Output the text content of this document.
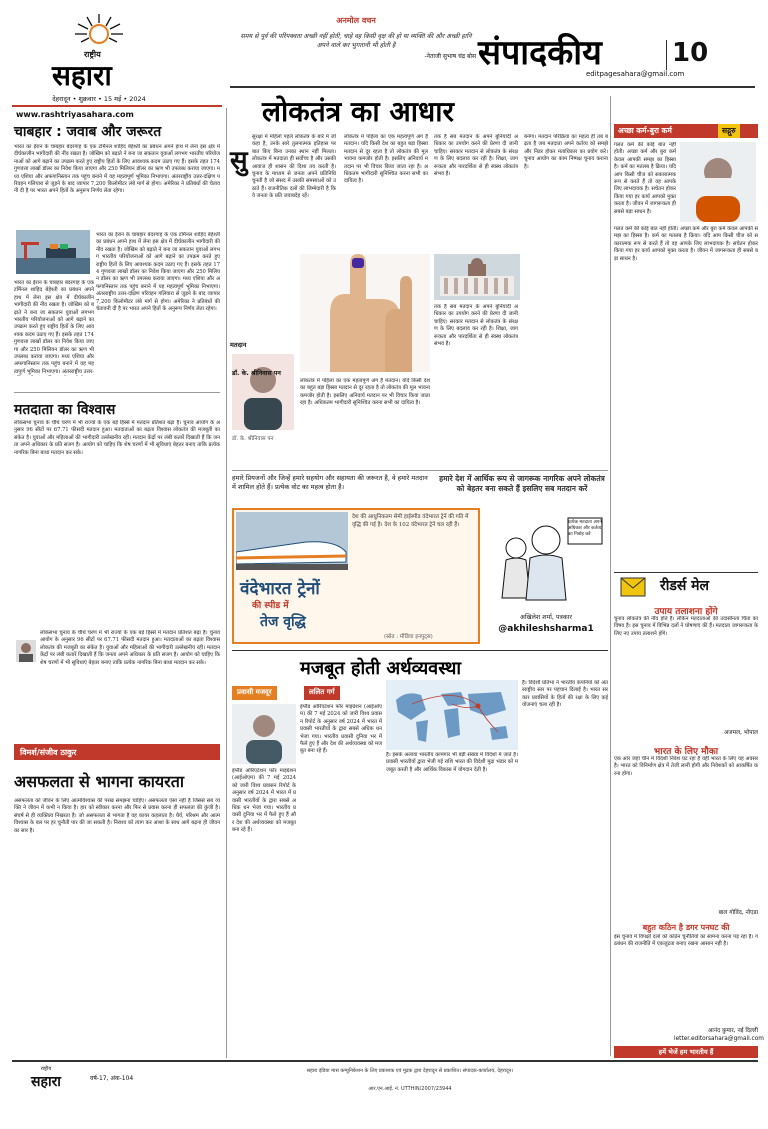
राष्ट्रीय
सहारा
देहरादून • शुक्रवार • 15 मई • 2024
www.rashtriyasahara.com
अनमोल वचन
समय से पूर्व की परिपक्वता अच्छी नहीं होती, चाहे वह किसी वृक्ष की हो या व्यक्ति की और अच्छी हानि अपने वाले कर भुगतानी भी होती है
-नेताजी सुभाष चंद्र बोस संपादकीय	10
editpagesahara@gmail.com
चाबहार : जवाब और जरूरत
भारत का ईरान के चाबहार बंदरगाह के एक टर्मिनल शाहिद बेहेश्ती का प्रबंधन अपने हाथ में लेना इस क्षेत्र में दीर्घकालीन भागीदारी की नींव रखता है। जोखिम को बढ़ाते ने बना जा सकतान युवाओं लगभग भारतीय परियोजनाओं को आगे बढ़ाने का उपक्रम करते हुए राष्ट्रीय हितों के लिए आवश्यक कदम उठाए गए हैं। इसके तहत 174 गुणवत्ता लाखों डॉलर का निवेश किया जाएगा और 250 मिलियन डॉलर का ऋण भी उपलब्ध कराया जाएगा। मध्य एशिया और अफगानिस्तान तक पहुंच बनाने में यह महत्वपूर्ण भूमिका निभाएगा। अंतरराष्ट्रीय उत्तर-दक्षिण परिवहन गलियारा से जुड़ने के बाद व्यापार 7,200 किलोमीटर लंबे मार्ग से होगा। अमेरिका ने प्रतिबंधों की चेतावनी दी है पर भारत अपने हितों के अनुरूप निर्णय लेता रहेगा।
भारत का ईरान के चाबहार बंदरगाह के एक टर्मिनल शाहिद बेहेश्ती का प्रबंधन अपने हाथ में लेना इस क्षेत्र में दीर्घकालीन भागीदारी की नींव रखता है। जोखिम को बढ़ाते ने बना जा सकतान युवाओं लगभग भारतीय परियोजनाओं को आगे बढ़ाने का उपक्रम करते हुए राष्ट्रीय हितों के लिए आवश्यक कदम उठाए गए हैं। इसके तहत 174 गुणवत्ता लाखों डॉलर का निवेश किया जाएगा और 250 मिलियन डॉलर का ऋण भी उपलब्ध कराया जाएगा। मध्य एशिया और अफगानिस्तान तक पहुंच बनाने में यह महत्वपूर्ण भूमिका निभाएगा। अंतरराष्ट्रीय उत्तर-दक्षिण परिवहन गलियारा से जुड़ने के बाद व्यापार 7,200 किलोमीटर लंबे मार्ग से होगा। अमेरिका ने प्रतिबंधों की चेतावनी दी है पर भारत अपने हितों के अनुरूप निर्णय लेता रहेगा।
भारत का ईरान के चाबहार बंदरगाह के एक टर्मिनल शाहिद बेहेश्ती का प्रबंधन अपने हाथ में लेना इस क्षेत्र में दीर्घकालीन भागीदारी की नींव रखता है। जोखिम को बढ़ाते ने बना जा सकतान युवाओं लगभग भारतीय परियोजनाओं को आगे बढ़ाने का उपक्रम करते हुए राष्ट्रीय हितों के लिए आवश्यक कदम उठाए गए हैं। इसके तहत 174 गुणवत्ता लाखों डॉलर का निवेश किया जाएगा और 250 मिलियन डॉलर का ऋण भी उपलब्ध कराया जाएगा। मध्य एशिया और अफगानिस्तान तक पहुंच बनाने में यह महत्वपूर्ण भूमिका निभाएगा। अंतरराष्ट्रीय उत्तर-
मतदाता का विश्वास
लोकसभा चुनाव के चौथे चरण में भी राज्यों के एक बड़े हिस्से में मतदान प्रतिशत बढ़ा है। चुनाव आयोग के अनुसार 96 सीटों पर 67.71 फीसदी मतदान हुआ। मतदाताओं का बढ़ता विश्वास लोकतंत्र की मजबूती का संकेत है। युवाओं और महिलाओं की भागीदारी उल्लेखनीय रही। मतदान केंद्रों पर लंबी कतारें दिखाती हैं कि जनता अपने अधिकार के प्रति सजग है। आयोग को चाहिए कि शेष चरणों में भी सुविधाएं बेहतर बनाए ताकि प्रत्येक नागरिक बिना बाधा मतदान कर सके।
लोकसभा चुनाव के चौथे चरण में भी राज्यों के एक बड़े हिस्से में मतदान प्रतिशत बढ़ा है। चुनाव आयोग के अनुसार 96 सीटों पर 67.71 फीसदी मतदान हुआ। मतदाताओं का बढ़ता विश्वास लोकतंत्र की मजबूती का संकेत है। युवाओं और महिलाओं की भागीदारी उल्लेखनीय रही। मतदान केंद्रों पर लंबी कतारें दिखाती हैं कि जनता अपने अधिकार के प्रति सजग है। आयोग को चाहिए कि शेष चरणों में भी सुविधाएं बेहतर बनाए ताकि प्रत्येक नागरिक बिना बाधा मतदान कर सके।
विमर्श/संजीव ठाकुर
असफलता से भागना कायरता
असफलता को जीवन के लिए आत्मविश्वास की परख समझना चाहिए। असफलता ऐसा नहीं है जिससे सब व्यक्ति ने जीवन में कभी न किया है। हार को स्वीकार करना और फिर से प्रयास करना ही सफलता की कुंजी है। संघर्ष से ही व्यक्तित्व निखरता है। जो असफलता से भागता है वह कायर कहलाता है। धैर्य, परिश्रम और आत्मविश्वास के बल पर हर चुनौती पार की जा सकती है। निराशा को त्याग कर आशा के साथ आगे बढ़ना ही जीवन का सार है।
लोकतंत्र का आधार
सु
सुरक्षा में महिलों पहले लोकतंत्र के बारे में जो कहा है, उनके सारे तुलनात्मक इतिहास पर बात किए बिना उनका स्थान नहीं मिलता। लोकतंत्र में मतदाता ही सर्वोच्च है और उसकी आवाज ही शासन की दिशा तय करती है। चुनाव के माध्यम से जनता अपने प्रतिनिधि चुनती है जो संसद में उसकी समस्याओं को उठाते हैं। राजनीतिक दलों की जिम्मेदारी है कि वे जनता के प्रति जवाबदेह रहें।
लोकतंत्र में पहिला का एक महत्वपूर्ण अंग है मतदान। यदि किसी देश का बहुत बड़ा हिस्सा मतदान से दूर रहता है तो लोकतंत्र की मूल भावना कमजोर होती है। इसलिए अनिवार्य मतदान पर भी विचार किया जाता रहा है। अधिकतम भागीदारी सुनिश्चित करना सभी का दायित्व है।
तक है सब मतदान के अपने बुनियादी अधिकार का उपयोग करने की प्रेरणा दी जानी चाहिए। सरकार मतदान से लोकतंत्र के संरक्षण के लिए बदलाव कर रही है। शिक्षा, जागरूकता और पारदर्शिता से ही स्वस्थ लोकतंत्र संभव है।
बनेगा। मतदान परिक्रिया का महत्व ही तब बढ़ता है जब मतदाता अपने कर्तव्य को समझे और निडर होकर मताधिकार का प्रयोग करे। चुनाव आयोग का काम निष्पक्ष चुनाव कराना है।
मतदान
डॉ. के. श्रीनिवास पन
तक है सब मतदान के अपने बुनियादी अधिकार का उपयोग करने की प्रेरणा दी जानी चाहिए। सरकार मतदान से लोकतंत्र के संरक्षण के लिए बदलाव कर रही है। शिक्षा, जागरूकता और पारदर्शिता से ही स्वस्थ लोकतंत्र संभव है।
लोकतंत्र में पहिला का एक महत्वपूर्ण अंग है मतदान। यदि किसी देश का बहुत बड़ा हिस्सा मतदान से दूर रहता है तो लोकतंत्र की मूल भावना कमजोर होती है। इसलिए अनिवार्य मतदान पर भी विचार किया जाता रहा है। अधिकतम भागीदारी सुनिश्चित करना सभी का दायित्व है।
डॉ. के. श्रीनिवास पन
हमारे प्रियजनों और जिन्हें हमारे सहयोग और सहायता की जरूरत है, वे हमारे मतदान में शामिल होते हैं। प्रत्येक वोट का महत्व होता है।
हमारे देश में आर्थिक रूप से जागरूक नागरिक अपने लोकतंत्र को बेहतर बना सकते हैं इसलिए सब मतदान करें
अच्छा कर्म-बुरा कर्म	सद्गुरु
गलत कर्म की कोई बात नहीं होती। अच्छा कर्म और बुरा कर्म केवल आपकी समझ का हिस्सा है। कर्म का मतलब है क्रिया। यदि आप किसी चीज को सकारात्मक रूप से करते हैं तो वह आपके लिए लाभदायक है। सचेतन होकर किया गया हर कार्य आपको मुक्त करता है। जीवन में जागरूकता ही सबसे बड़ा साधन है।
गलत कर्म की कोई बात नहीं होती। अच्छा कर्म और बुरा कर्म केवल आपकी समझ का हिस्सा है। कर्म का मतलब है क्रिया। यदि आप किसी चीज को सकारात्मक रूप से करते हैं तो वह आपके लिए लाभदायक है। सचेतन होकर किया गया हर कार्य आपको मुक्त करता है। जीवन में जागरूकता ही सबसे बड़ा साधन है।
रीडर्स मेल
उपाय तलाशना होंगे
चुनाव लोकतंत्र की नींव होते हैं। लेकिन मतदाताओं की उदासीनता चिंता का विषय है। इस चुनाव में विभिन्न दलों ने घोषणाएं की हैं। मतदाता जागरूकता के लिए नए उपाय तलाशने होंगे।
अजमल, भोपाल
भारत के लिए मौका
एक ओर जहां चीन में विदेशी निवेश घट रहा है वहीं भारत के लिए यह अवसर है। भारत को विनिर्माण क्षेत्र में तेजी लानी होगी और निवेशकों को आकर्षित करना होगा।
बाल गोविंद, नोएडा
बहुत कठिन है डगर पनघट की
इस चुनाव में विपक्षी दलों को कठिन चुनौतियों का सामना करना पड़ रहा है। गठबंधन की राजनीति में एकजुटता बनाए रखना आसान नहीं है।
आनंद कुमार, नई दिल्ली
letter.editorsahara@gmail.com
हमें भेजें हम भारतीय हैं
देश की आधुनिकतम सेमी हाईस्पीड वंदेभारत ट्रेनें की गति में वृद्धि की गई है। देश के 102 वंदेभारत ट्रेनें चल रही हैं।
वंदेभारत ट्रेनों
की स्पीड में
तेज वृद्धि
(स्रोत : मीडिया इनपुट्स)
प्रत्येक मतदाता अपने अधिकार और कर्तव्य का निर्वाह करे
अखिलेश शर्मा, पत्रकार
@akhileshsharma1
मजबूत होती अर्थव्यवस्था
प्रवासी मजदूर	ललित गर्ग
इंग्लैंड ओरिएंटेशन फॉर माइग्रेशन (आईओएम) की 7 मई 2024 को जारी विश्व प्रवासन रिपोर्ट के अनुसार वर्ष 2024 में भारत में प्रवासी भारतीयों के द्वारा सबसे अधिक धन भेजा गया। भारतीय प्रवासी दुनिया भर में फैले हुए हैं और देश की अर्थव्यवस्था को मजबूत बना रहे हैं।
इंग्लैंड ओरिएंटेशन फॉर माइग्रेशन (आईओएम) की 7 मई 2024 को जारी विश्व प्रवासन रिपोर्ट के अनुसार वर्ष 2024 में भारत में प्रवासी भारतीयों के द्वारा सबसे अधिक धन भेजा गया। भारतीय प्रवासी दुनिया भर में फैले हुए हैं और देश की अर्थव्यवस्था को मजबूत बना रहे हैं।
हैं। इसके अलावा भारतीय कामगार भी बड़ी संख्या में विदेशों में जाते हैं। प्रवासी भारतीयों द्वारा भेजी गई राशि भारत की विदेशी मुद्रा भंडार को मजबूत करती है और आर्थिक विकास में योगदान देती है।
है। विदेशी प्रतिभा ने भारतीय कंपनियों को अंतरराष्ट्रीय स्तर पर पहचान दिलाई है। भारत सरकार प्रवासियों के हितों की रक्षा के लिए कई योजनाएं चला रही है।
राष्ट्रीय
सहारा	वर्ष-17, अंक-104
सहारा इंडिया मास कम्युनिकेशन के लिए प्रकाशक एवं मुद्रक द्वारा देहरादून से प्रकाशित। संपादक-कार्यालय, देहरादून।
आर.एन.आई. नं. UTTHIN/2007/23944
